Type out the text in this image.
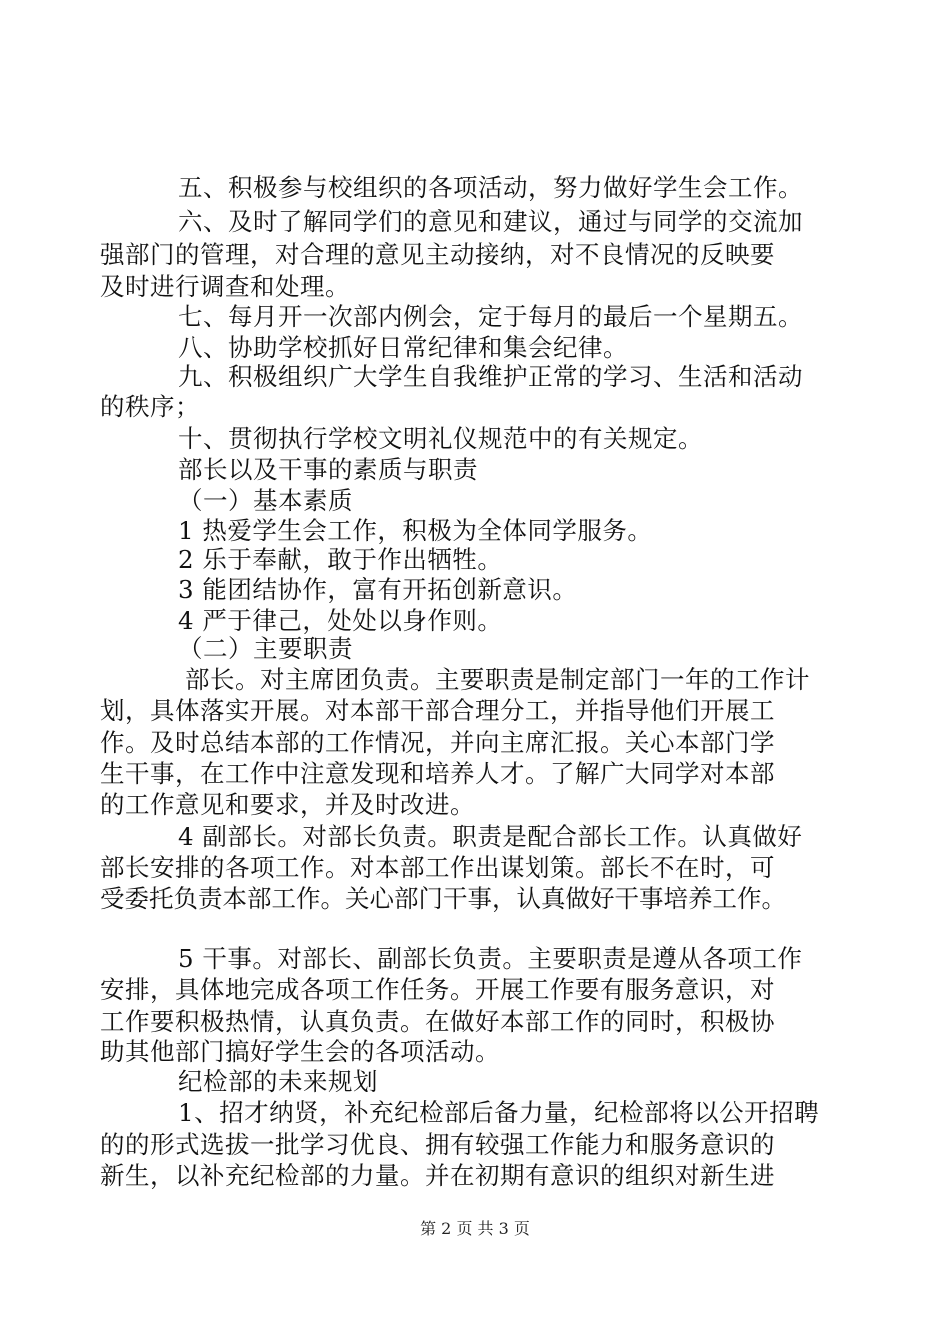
五、积极参与校组织的各项活动，努力做好学生会工作。
六、及时了解同学们的意见和建议，通过与同学的交流加
强部门的管理，对合理的意见主动接纳，对不良情况的反映要
及时进行调查和处理。
七、每月开一次部内例会，定于每月的最后一个星期五。
八、协助学校抓好日常纪律和集会纪律。
九、积极组织广大学生自我维护正常的学习、生活和活动
的秩序；
十、贯彻执行学校文明礼仪规范中的有关规定。
部长以及干事的素质与职责
（一）基本素质
1 热爱学生会工作，积极为全体同学服务。
2 乐于奉献，敢于作出牺牲。
3 能团结协作，富有开拓创新意识。
4 严于律己，处处以身作则。
（二）主要职责
部长。对主席团负责。主要职责是制定部门一年的工作计
划，具体落实开展。对本部干部合理分工，并指导他们开展工
作。及时总结本部的工作情况，并向主席汇报。关心本部门学
生干事，在工作中注意发现和培养人才。了解广大同学对本部
的工作意见和要求，并及时改进。
4 副部长。对部长负责。职责是配合部长工作。认真做好
部长安排的各项工作。对本部工作出谋划策。部长不在时，可
受委托负责本部工作。关心部门干事，认真做好干事培养工作。
5 干事。对部长、副部长负责。主要职责是遵从各项工作
安排，具体地完成各项工作任务。开展工作要有服务意识，对
工作要积极热情，认真负责。在做好本部工作的同时，积极协
助其他部门搞好学生会的各项活动。
纪检部的未来规划
1、招才纳贤，补充纪检部后备力量，纪检部将以公开招聘
的的形式选拔一批学习优良、拥有较强工作能力和服务意识的
新生，以补充纪检部的力量。并在初期有意识的组织对新生进
第 2 页 共 3 页
